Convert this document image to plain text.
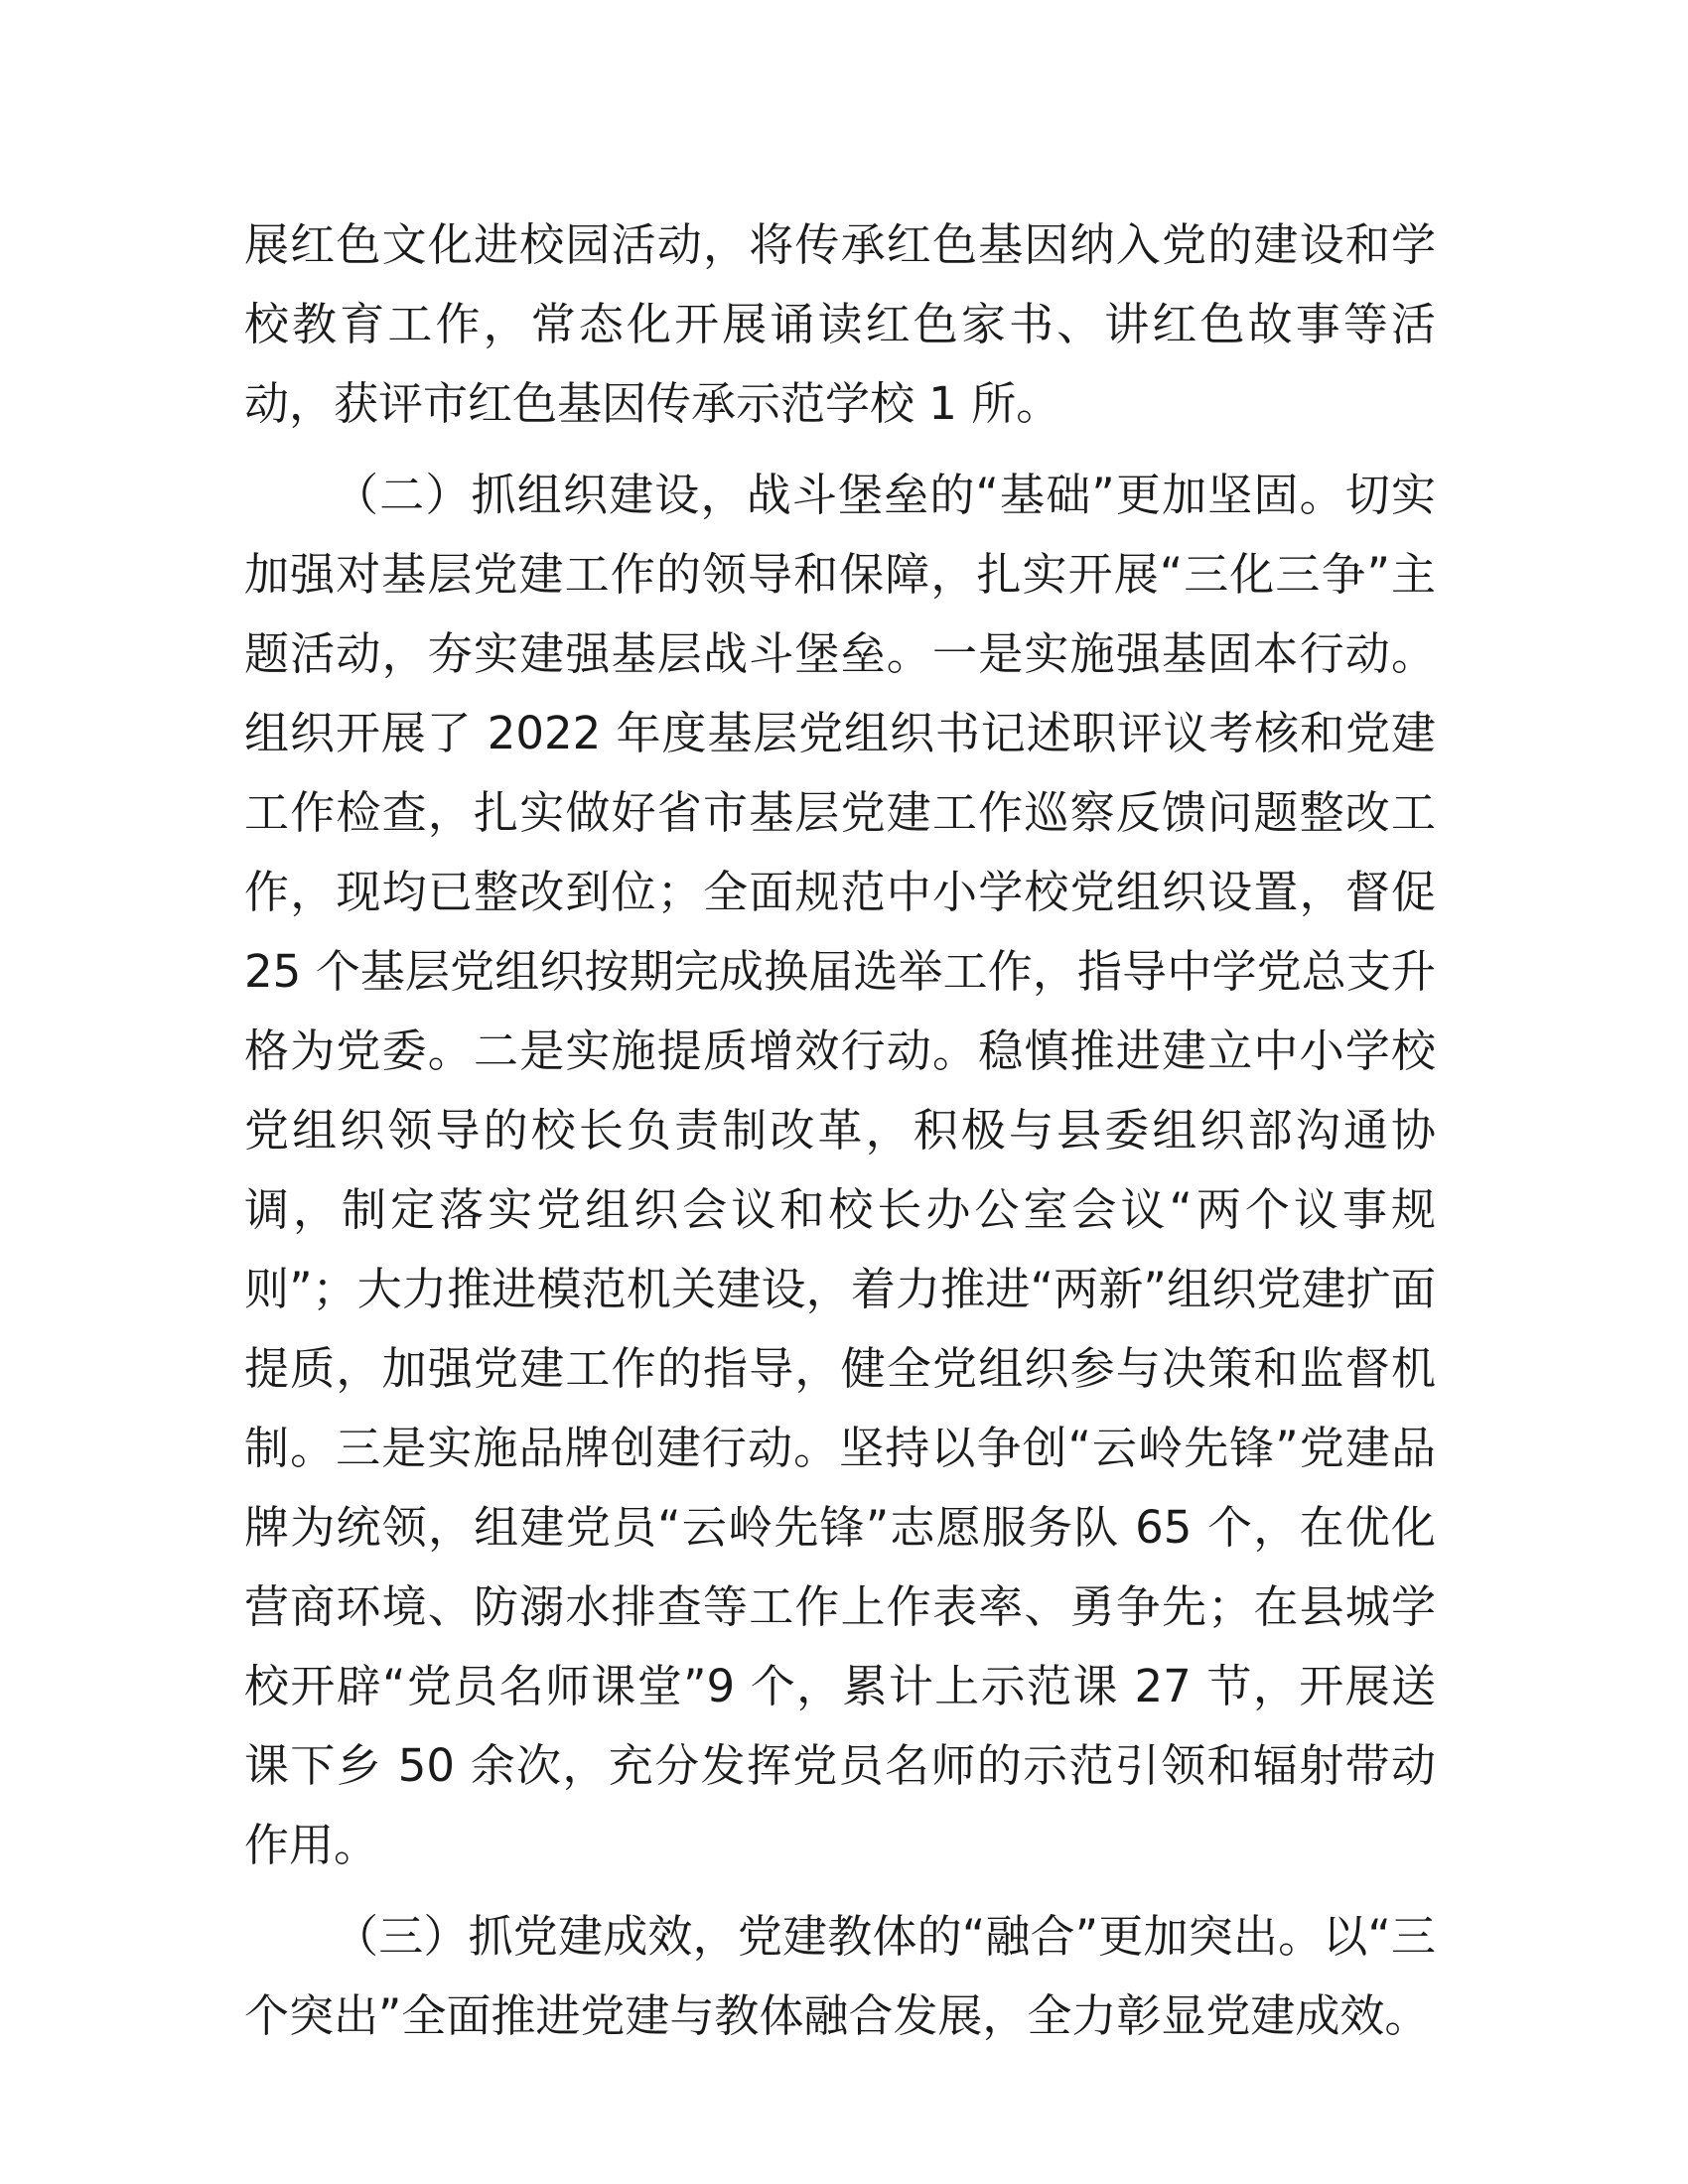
展红色文化进校园活动，将传承红色基因纳入党的建设和学校教育工作，常态化开展诵读红色家书、讲红色故事等活动，获评市红色基因传承示范学校 1 所。

（二）抓组织建设，战斗堡垒的“基础”更加坚固。切实加强对基层党建工作的领导和保障，扎实开展“三化三争”主题活动，夯实建强基层战斗堡垒。一是实施强基固本行动。组织开展了 2022 年度基层党组织书记述职评议考核和党建工作检查，扎实做好省市基层党建工作巡察反馈问题整改工作，现均已整改到位；全面规范中小学校党组织设置，督促 25 个基层党组织按期完成换届选举工作，指导中学党总支升格为党委。二是实施提质增效行动。稳慎推进建立中小学校党组织领导的校长负责制改革，积极与县委组织部沟通协调，制定落实党组织会议和校长办公室会议“两个议事规则”；大力推进模范机关建设，着力推进“两新”组织党建扩面提质，加强党建工作的指导，健全党组织参与决策和监督机制。三是实施品牌创建行动。坚持以争创“云岭先锋”党建品牌为统领，组建党员“云岭先锋”志愿服务队 65 个，在优化营商环境、防溺水排查等工作上作表率、勇争先；在县城学校开辟“党员名师课堂”9 个，累计上示范课 27 节，开展送课下乡 50 余次，充分发挥党员名师的示范引领和辐射带动作用。

（三）抓党建成效，党建教体的“融合”更加突出。以“三个突出”全面推进党建与教体融合发展，全力彰显党建成效。
